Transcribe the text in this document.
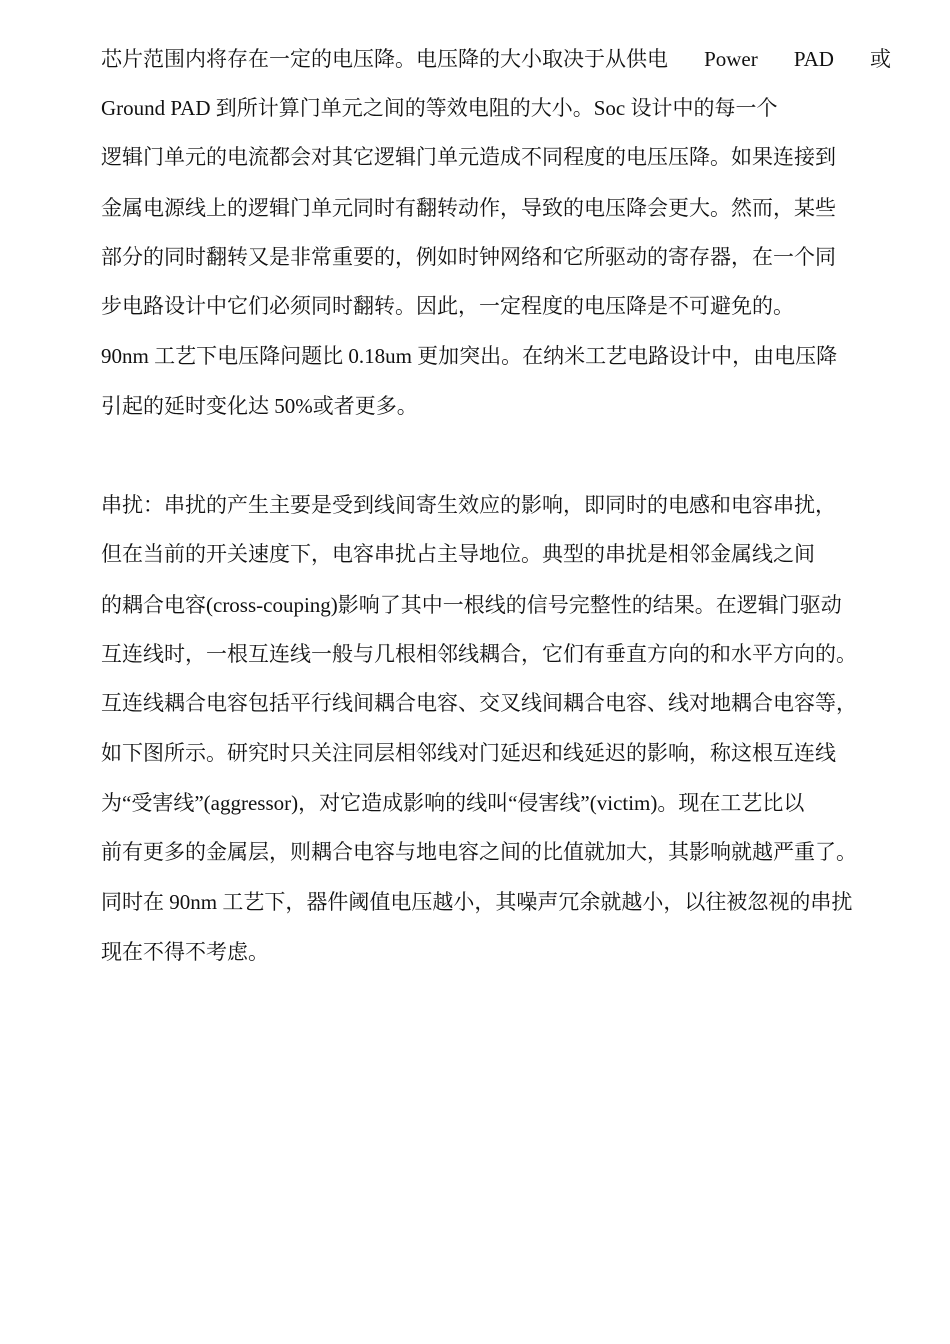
芯片范围内将存在一定的电压降。电压降的大小取决于从供电 Power PAD 或
Ground PAD 到所计算门单元之间的等效电阻的大小。Soc 设计中的每一个
逻辑门单元的电流都会对其它逻辑门单元造成不同程度的电压压降。如果连接到
金属电源线上的逻辑门单元同时有翻转动作，导致的电压降会更大。然而，某些
部分的同时翻转又是非常重要的，例如时钟网络和它所驱动的寄存器，在一个同
步电路设计中它们必须同时翻转。因此，一定程度的电压降是不可避免的。
90nm 工艺下电压降问题比 0.18um 更加突出。在纳米工艺电路设计中，由电压降
引起的延时变化达 50%或者更多。
串扰：串扰的产生主要是受到线间寄生效应的影响，即同时的电感和电容串扰，
但在当前的开关速度下，电容串扰占主导地位。典型的串扰是相邻金属线之间
的耦合电容(cross-couping)影响了其中一根线的信号完整性的结果。在逻辑门驱动
互连线时，一根互连线一般与几根相邻线耦合，它们有垂直方向的和水平方向的。
互连线耦合电容包括平行线间耦合电容、交叉线间耦合电容、线对地耦合电容等，
如下图所示。研究时只关注同层相邻线对门延迟和线延迟的影响，称这根互连线
为“受害线”(aggressor)，对它造成影响的线叫“侵害线”(victim)。现在工艺比以
前有更多的金属层，则耦合电容与地电容之间的比值就加大，其影响就越严重了。
同时在 90nm 工艺下，器件阈值电压越小，其噪声冗余就越小，以往被忽视的串扰
现在不得不考虑。
